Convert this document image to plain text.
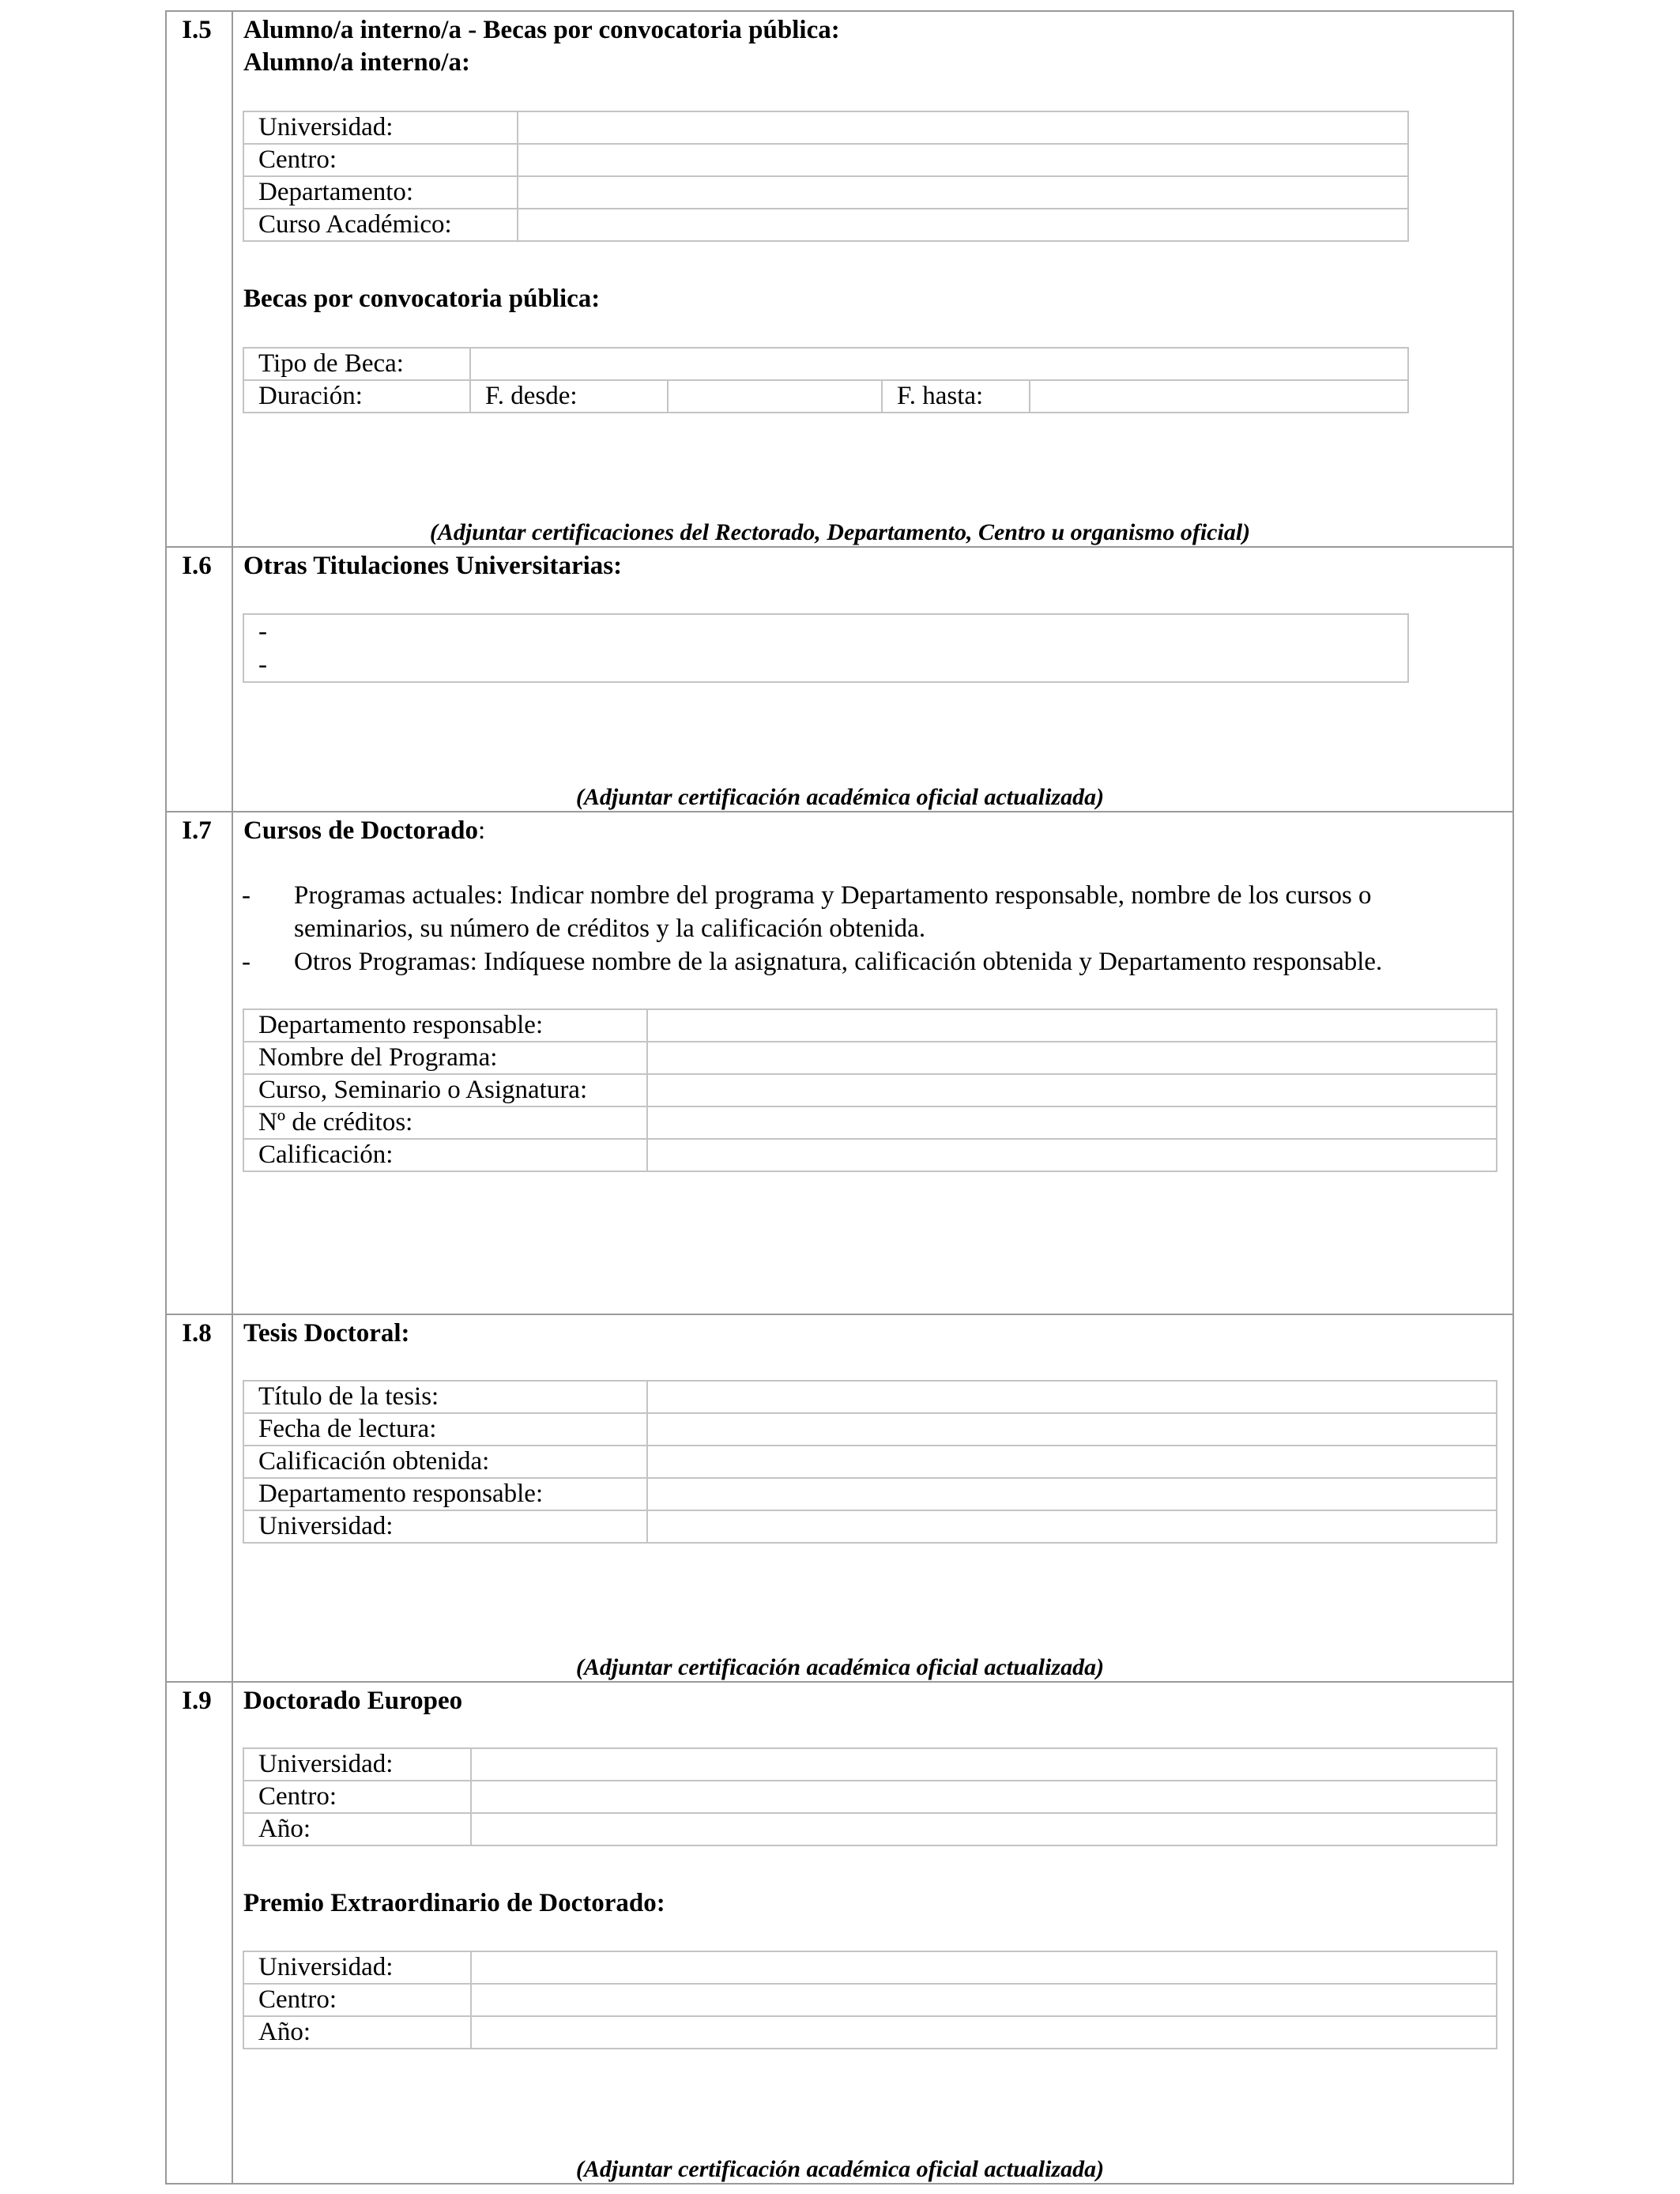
I.5	Alumno/a interno/a - Becas por convocatoria pública:
Alumno/a interno/a:
Universidad:	
Centro:	
Departamento:	
Curso Académico:	
Becas por convocatoria pública:
Tipo de Beca:				
Duración:	F. desde:		F. hasta:	
(Adjuntar certificaciones del Rectorado, Departamento, Centro u organismo oficial)
I.6	Otras Titulaciones Universitarias:
-
-
(Adjuntar certificación académica oficial actualizada)
I.7	Cursos de Doctorado:
- Programas actuales: Indicar nombre del programa y Departamento responsable, nombre de los cursos o
seminarios, su número de créditos y la calificación obtenida.
- Otros Programas: Indíquese nombre de la asignatura, calificación obtenida y Departamento responsable.
Departamento responsable:	
Nombre del Programa:	
Curso, Seminario o Asignatura:	
Nº de créditos:	
Calificación:	
I.8	Tesis Doctoral:
Título de la tesis:	
Fecha de lectura:	
Calificación obtenida:	
Departamento responsable:	
Universidad:	
(Adjuntar certificación académica oficial actualizada)
I.9	Doctorado Europeo
Universidad:	
Centro:	
Año:	
Premio Extraordinario de Doctorado:
Universidad:	
Centro:	
Año:	
(Adjuntar certificación académica oficial actualizada)
